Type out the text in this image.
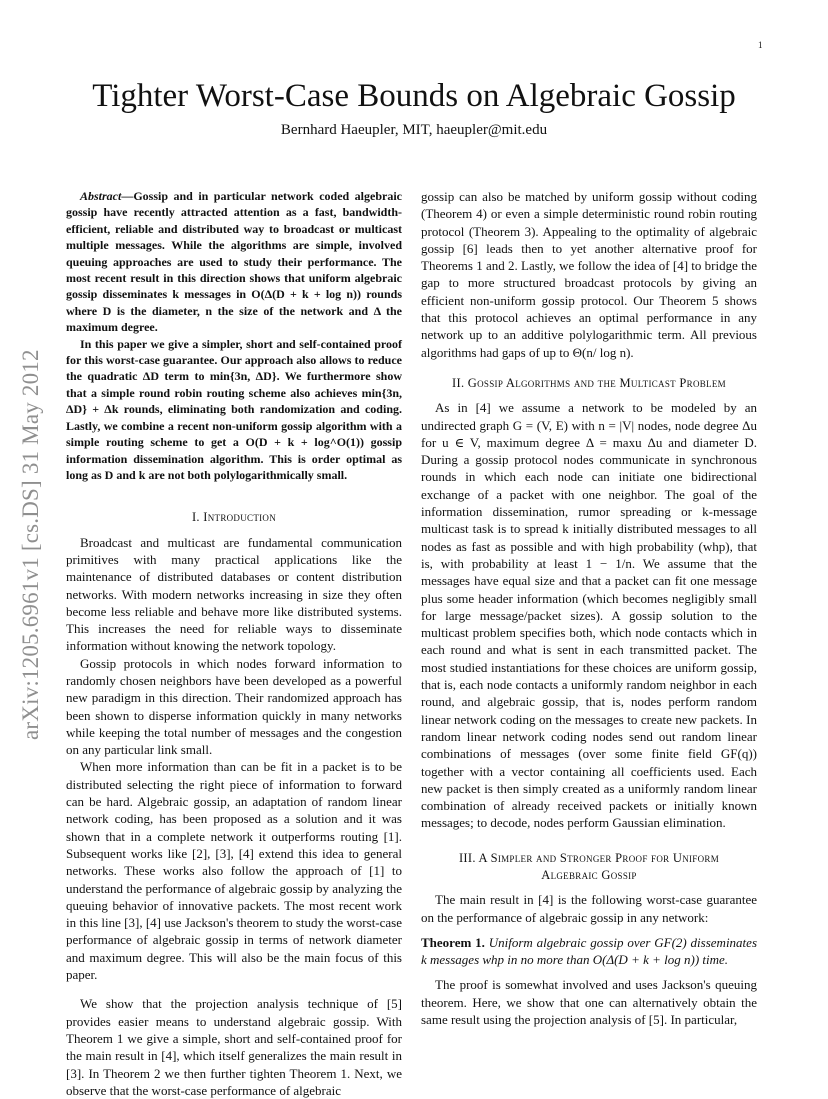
1
arXiv:1205.6961v1 [cs.DS] 31 May 2012
Tighter Worst-Case Bounds on Algebraic Gossip
Bernhard Haeupler, MIT, haeupler@mit.edu

Abstract—Gossip and in particular network coded algebraic gossip have recently attracted attention as a fast, bandwidth-efficient, reliable and distributed way to broadcast or multicast multiple messages. While the algorithms are simple, involved queuing approaches are used to study their performance. The most recent result in this direction shows that uniform algebraic gossip disseminates k messages in O(Δ(D + k + log n)) rounds where D is the diameter, n the size of the network and Δ the maximum degree.

In this paper we give a simpler, short and self-contained proof for this worst-case guarantee. Our approach also allows to reduce the quadratic ΔD term to min{3n, ΔD}. We furthermore show that a simple round robin routing scheme also achieves min{3n, ΔD} + Δk rounds, eliminating both randomization and coding. Lastly, we combine a recent non-uniform gossip algorithm with a simple routing scheme to get a O(D + k + log^O(1)) gossip information dissemination algorithm. This is order optimal as long as D and k are not both polylogarithmically small.

I. Introduction

Broadcast and multicast are fundamental communication primitives with many practical applications like the maintenance of distributed databases or content distribution networks. With modern networks increasing in size they often become less reliable and behave more like distributed systems. This increases the need for reliable ways to disseminate information without knowing the network topology.

Gossip protocols in which nodes forward information to randomly chosen neighbors have been developed as a powerful new paradigm in this direction. Their randomized approach has been shown to disperse information quickly in many networks while keeping the total number of messages and the congestion on any particular link small.

When more information than can be fit in a packet is to be distributed selecting the right piece of information to forward can be hard. Algebraic gossip, an adaptation of random linear network coding, has been proposed as a solution and it was shown that in a complete network it outperforms routing [1]. Subsequent works like [2], [3], [4] extend this idea to general networks. These works also follow the approach of [1] to understand the performance of algebraic gossip by analyzing the queuing behavior of innovative packets. The most recent work in this line [3], [4] use Jackson's theorem to study the worst-case performance of algebraic gossip in terms of network diameter and maximum degree. This will also be the main focus of this paper.

We show that the projection analysis technique of [5] provides easier means to understand algebraic gossip. With Theorem 1 we give a simple, short and self-contained proof for the main result in [4], which itself generalizes the main result in [3]. In Theorem 2 we then further tighten Theorem 1. Next, we observe that the worst-case performance of algebraic

gossip can also be matched by uniform gossip without coding (Theorem 4) or even a simple deterministic round robin routing protocol (Theorem 3). Appealing to the optimality of algebraic gossip [6] leads then to yet another alternative proof for Theorems 1 and 2. Lastly, we follow the idea of [4] to bridge the gap to more structured broadcast protocols by giving an efficient non-uniform gossip protocol. Our Theorem 5 shows that this protocol achieves an optimal performance in any network up to an additive polylogarithmic term. All previous algorithms had gaps of up to Θ(n/ log n).

II. Gossip Algorithms and the Multicast Problem

As in [4] we assume a network to be modeled by an undirected graph G = (V, E) with n = |V| nodes, node degree Δu for u ∈ V, maximum degree Δ = maxu Δu and diameter D. During a gossip protocol nodes communicate in synchronous rounds in which each node can initiate one bidirectional exchange of a packet with one neighbor. The goal of the information dissemination, rumor spreading or k-message multicast task is to spread k initially distributed messages to all nodes as fast as possible and with high probability (whp), that is, with probability at least 1 − 1/n. We assume that the messages have equal size and that a packet can fit one message plus some header information (which becomes negligibly small for large message/packet sizes). A gossip solution to the multicast problem specifies both, which node contacts which in each round and what is sent in each transmitted packet. The most studied instantiations for these choices are uniform gossip, that is, each node contacts a uniformly random neighbor in each round, and algebraic gossip, that is, nodes perform random linear network coding on the messages to create new packets. In random linear network coding nodes send out random linear combinations of messages (over some finite field GF(q)) together with a vector containing all coefficients used. Each new packet is then simply created as a uniformly random linear combination of already received packets or initially known messages; to decode, nodes perform Gaussian elimination.

III. A Simpler and Stronger Proof for Uniform
Algebraic Gossip

The main result in [4] is the following worst-case guarantee on the performance of algebraic gossip in any network:

Theorem 1. Uniform algebraic gossip over GF(2) disseminates k messages whp in no more than O(Δ(D + k + log n)) time.

The proof is somewhat involved and uses Jackson's queuing theorem. Here, we show that one can alternatively obtain the same result using the projection analysis of [5]. In particular,
